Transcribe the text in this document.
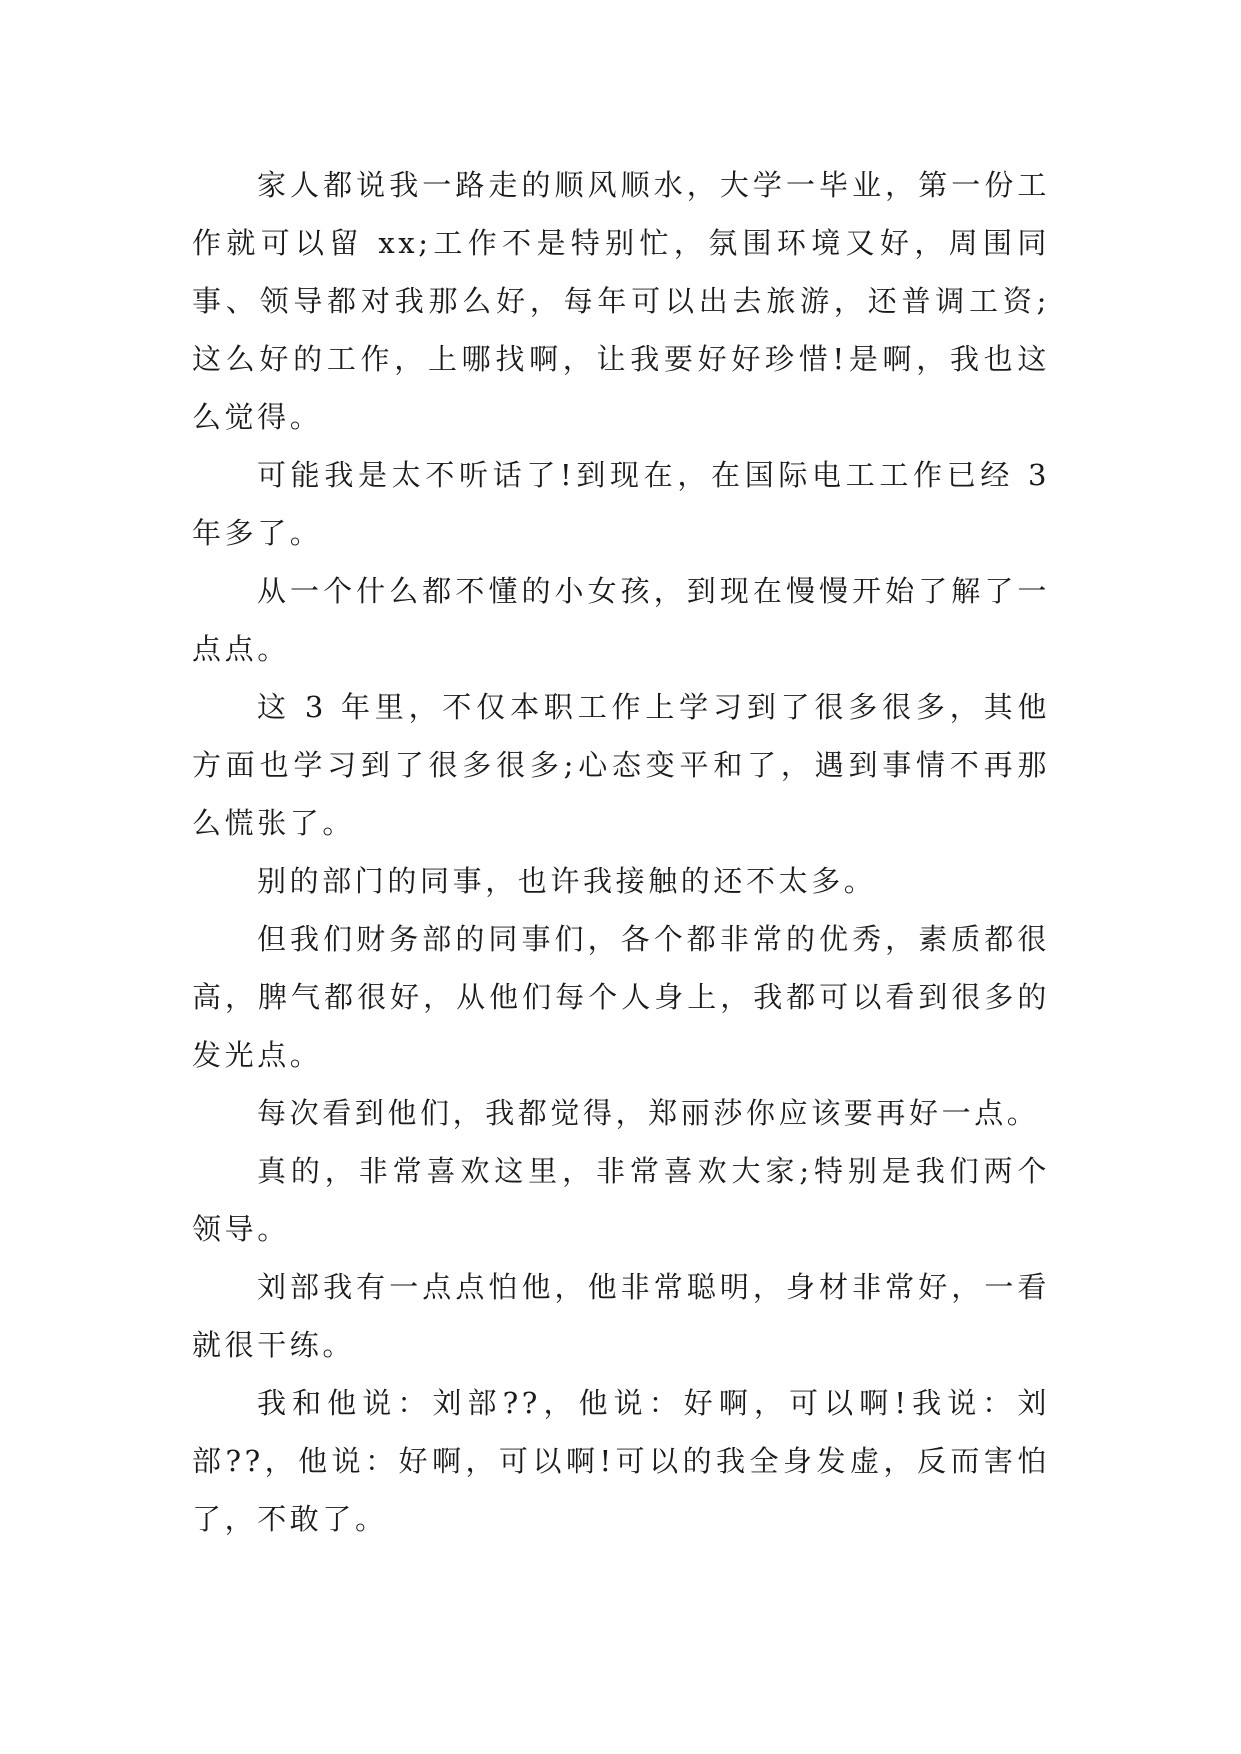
家人都说我一路走的顺风顺水，大学一毕业，第一份工作就可以留 xx;工作不是特别忙，氛围环境又好，周围同事、领导都对我那么好，每年可以出去旅游，还普调工资;这么好的工作，上哪找啊，让我要好好珍惜!是啊，我也这么觉得。

可能我是太不听话了!到现在，在国际电工工作已经 3 年多了。

从一个什么都不懂的小女孩，到现在慢慢开始了解了一点点。

这 3 年里，不仅本职工作上学习到了很多很多，其他方面也学习到了很多很多;心态变平和了，遇到事情不再那么慌张了。

别的部门的同事，也许我接触的还不太多。

但我们财务部的同事们，各个都非常的优秀，素质都很高，脾气都很好，从他们每个人身上，我都可以看到很多的发光点。

每次看到他们，我都觉得，郑丽莎你应该要再好一点。

真的，非常喜欢这里，非常喜欢大家;特别是我们两个领导。

刘部我有一点点怕他，他非常聪明，身材非常好，一看就很干练。

我和他说：刘部??，他说：好啊，可以啊!我说：刘部??，他说：好啊，可以啊!可以的我全身发虚，反而害怕了，不敢了。
